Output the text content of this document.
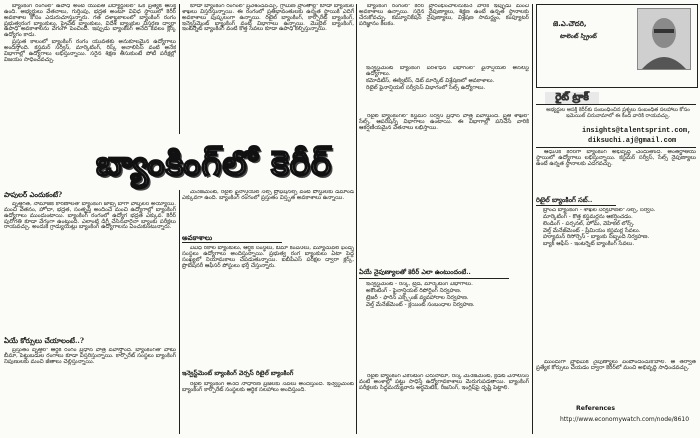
బ్యాంకింగ్ రంగంలో ఉపాధి అంటే యువతీ విద్యార్థులలో ఒక ప్రత్యేక ఆసక్తి ఉంది. అభ్యర్థులు వేతనాలు, గుర్తింపు, భద్రత అంటూ వివిధ స్థాయిలో కెరీర్ అవకాశాల కోసం ఎదురుచూస్తున్నారు. గత దశాబ్దకాలంలో బ్యాంకింగ్ రంగం ప్రభుత్వరంగ బ్యాంకులు, ప్రైవేట్ బ్యాంకులు, విదేశీ బ్యాంకుల విస్తరణ ద్వారా ఉపాధి అవకాశాలను వేగంగా పెంచింది. ఇప్పుడు బ్యాంకింగ్ అనేది కేవలం క్లర్క్ ఉద్యోగం కాదు.

ప్రస్తుత కాలంలో బ్యాంకింగ్ రంగం యువతకు అనుకూలమైన ఉద్యోగాలు అందిస్తోంది. కస్టమర్ సర్వీస్, మార్కెటింగ్, రిస్క్ అనాలిసిస్ వంటి అనేక విభాగాల్లో ఉద్యోగాలు లభిస్తున్నాయి. సరైన శిక్షణ తీసుకుంటే పోటీ పరీక్షల్లో విజయం సాధించవచ్చు.

బ్యాంకింగ్‌లో కెరీర్
పాపులర్ ఎందుకంటే?

వృత్తిగత, సామాజిక కారణాలతో బ్యాంకింగ్ జాబ్స్ బాగా పాపులర్ అయ్యాయి. మంచి వేతనం, హోదా, భద్రత, సంతృప్తి అందించే మంచి ఉద్యోగాల్లో బ్యాంకింగ్ ఉద్యోగాలు ముందుంటాయి. బ్యాంకింగ్ రంగంలో ఉద్యోగ భద్రత ఎక్కువ. కెరీర్ పురోగతి కూడా వేగంగా ఉంటుంది. ఎలాంటి డిగ్రీ చేసినవారైనా బ్యాంకు పరీక్షలు రాయవచ్చు. అందుకే గ్రాడ్యుయేట్లు బ్యాంకింగ్ ఉద్యోగాలను ఎంచుకుంటున్నారు.

ఏయే కోర్సులు చేయాలంటే..?

ప్రస్తుతం వృత్తిలో ఆర్థిక రంగం ప్రధాన పాత్ర వహిస్తోంది. బ్యాంకింగ్‌తో పాటు బీమా, పెట్టుబడుల రంగాలు కూడా విస్తరిస్తున్నాయి. కార్పొరేట్ సంస్థలు బ్యాంకింగ్ నిపుణులకు మంచి జీతాలు చెల్లిస్తున్నాయి.

కూడా బ్యాంకింగ్ రంగంలో ప్రవేశించవచ్చు. గ్రామీణ ప్రాంతాల్లో కూడా బ్యాంకుల శాఖలు విస్తరిస్తున్నాయి. ఈ రంగంలో ప్రతిభావంతులకు ఉన్నత స్థాయికి ఎదిగే అవకాశాలు పుష్కలంగా ఉన్నాయి. రిటైల్ బ్యాంకింగ్, కార్పొరేట్ బ్యాంకింగ్, ఇన్వెస్ట్‌మెంట్ బ్యాంకింగ్ వంటి విభాగాలు ఉన్నాయి. మొబైల్ బ్యాంకింగ్, ఇంటర్నెట్ బ్యాంకింగ్ వంటి కొత్త సేవలు కూడా ఉపాధి కల్పిస్తున్నాయి.

మేనేజ్‌మెంట్, రిటైల్ ఫైనాన్షియల్ సేల్స్ ప్రొఫెషనల్స్ వంటి పోస్టులకు డిమాండ్ ఎక్కువగా ఉంది. బ్యాంకింగ్ రంగంలో ప్రస్తుతం విస్తృత అవకాశాలు ఉన్నాయి.

అవకాశాలు

వివిధ రకాల బ్యాంకులు, ఆర్థిక సంస్థలు, బీమా కంపెనీలు, మ్యూచువల్ ఫండ్స్ సంస్థలు ఉద్యోగాలు అందిస్తున్నాయి. ప్రభుత్వ రంగ బ్యాంకులు ఏటా పెద్ద సంఖ్యలో నియామకాలు చేపడుతున్నాయి. ఐబీపీఎస్ పరీక్షల ద్వారా క్లర్క్, ప్రొబేషనరీ ఆఫీసర్ పోస్టులు భర్తీ చేస్తున్నారు.

ఇన్వెస్ట్‌మెంట్ బ్యాంకింగ్ వెర్సస్ రిటైల్ బ్యాంకింగ్

రిటైల్ బ్యాంకింగ్ అనేది సాధారణ ప్రజలకు సేవలు అందిస్తుంది. ఇన్వెస్ట్‌మెంట్ బ్యాంకింగ్ కార్పొరేట్ సంస్థలకు ఆర్థిక సలహాలు అందిస్తుంది.

బ్యాంకింగ్ రంగంలో కెరీర్ ప్రారంభించాలనుకునే వారికి ఇప్పుడు మంచి అవకాశాలు ఉన్నాయి. సరైన నైపుణ్యాలు, శిక్షణ ఉంటే ఉన్నత స్థానాలకు చేరుకోవచ్చు. కమ్యూనికేషన్ నైపుణ్యాలు, విశ్లేషణ సామర్థ్యం, కంప్యూటర్ పరిజ్ఞానం కీలకం.

• ఇన్వెస్ట్‌మెంట్ బ్యాంకింగ్ పరిశోధన విభాగంలో ఫైనాన్షియల్ అనలిస్ట్ ఉద్యోగాలు.
• కమోడిటీస్, ఈక్విటీస్, డెట్ మార్కెట్ విశ్లేషణలో అవకాశాలు.
• రిటైల్ ఫైనాన్షియల్ సర్వీసెస్ విభాగంలో సేల్స్ ఉద్యోగాలు.

రిటైల్ బ్యాంకింగ్‌లో కస్టమర్ సర్వీస్ ప్రధాన పాత్ర వహిస్తుంది. ప్రతి శాఖలో సేల్స్, ఆపరేషన్స్ విభాగాలు ఉంటాయి. ఈ విభాగాల్లో పనిచేసే వారికి ఆకర్షణీయమైన వేతనాలు లభిస్తాయి.

ఏయే నైపుణ్యాలతో కెరీర్ ఎలా ఉంటుందంటే..
• ఇన్వెస్ట్‌మెంట్ - రిస్క్, ట్రేడ్, మార్కెటింగ్ విభాగాలు.
• అకౌంటింగ్ - ఫైనాన్షియల్ రిపోర్టింగ్ నిర్వహణ.
• ట్రెజరీ - ఫారిన్ ఎక్స్చేంజ్ వ్యవహారాల నిర్వహణ.
• వెల్త్ మేనేజ్‌మెంట్ - క్లయింట్ సంబంధాల నిర్వహణ.

రిటైల్ బ్యాంకింగ్ ఎకౌంటింగ్ చిరునామా, రిస్క్ మేనేజ్‌మెంట్, క్రెడిట్ ఎనాలిసిస్ వంటి అంశాల్లో పట్టు సాధిస్తే ఉద్యోగావకాశాలు మెరుగుపడతాయి. బ్యాంకింగ్ పరీక్షలకు సిద్ధమయ్యేవారు అర్థమెటిక్, రీజనింగ్, ఇంగ్లిష్‌పై దృష్టి పెట్టాలి.

జె.ఎ.చౌదరి,
టాలెంట్ స్ప్రింట్
రైట్ ట్రాక్
అభ్యర్థుల ఆసక్తి కెరీర్‌కు సంబంధించిన ప్రశ్నలు సంబంధిత సలహాలు కోసం ఇమెయిల్ చిరునామాలో ఈ కింది వారికి రాయవచ్చు.
insights@talentsprint.com,
diksuchi.aj@gmail.com

ఆధునిక కెరీర్‌గా బ్యాంకింగ్ అభివృద్ధి చెందుతోంది. అంతర్జాతీయ స్థాయిలో ఉద్యోగాలు లభిస్తున్నాయి. కస్టమర్ సర్వీస్, సేల్స్ నైపుణ్యాలు ఉంటే ఉన్నత స్థానాలకు ఎదగవచ్చు.

రిటైల్ బ్యాంకింగ్ సబ్..
• బ్రాంచ్ బ్యాంకింగ్ - శాఖల నిర్వహణలో సేల్స్, సర్వీస్.
• మార్కెటింగ్ - కొత్త కస్టమర్లను ఆకర్షించడం.
• లెండింగ్ - పర్సనల్, హోమ్, వెహికల్ లోన్స్.
• వెల్త్ మేనేజ్‌మెంట్ - ప్రీమియం కస్టమర్ల సేవలు.
• హ్యూమన్ రిసోర్సెస్ - బ్యాంకు సిబ్బంది నిర్వహణ.
• బ్యాక్ ఆఫీస్ - ఇంటర్నెట్ బ్యాంకింగ్ సేవలు.

ముందుగా ప్రాథమిక నైపుణ్యాలు పెంపొందించుకోవాలి. ఆ తర్వాత ప్రత్యేక కోర్సులు చేయడం ద్వారా కెరీర్‌లో మంచి అభివృద్ధి సాధించవచ్చు.

References
http://www.economywatch.com/node/8610
